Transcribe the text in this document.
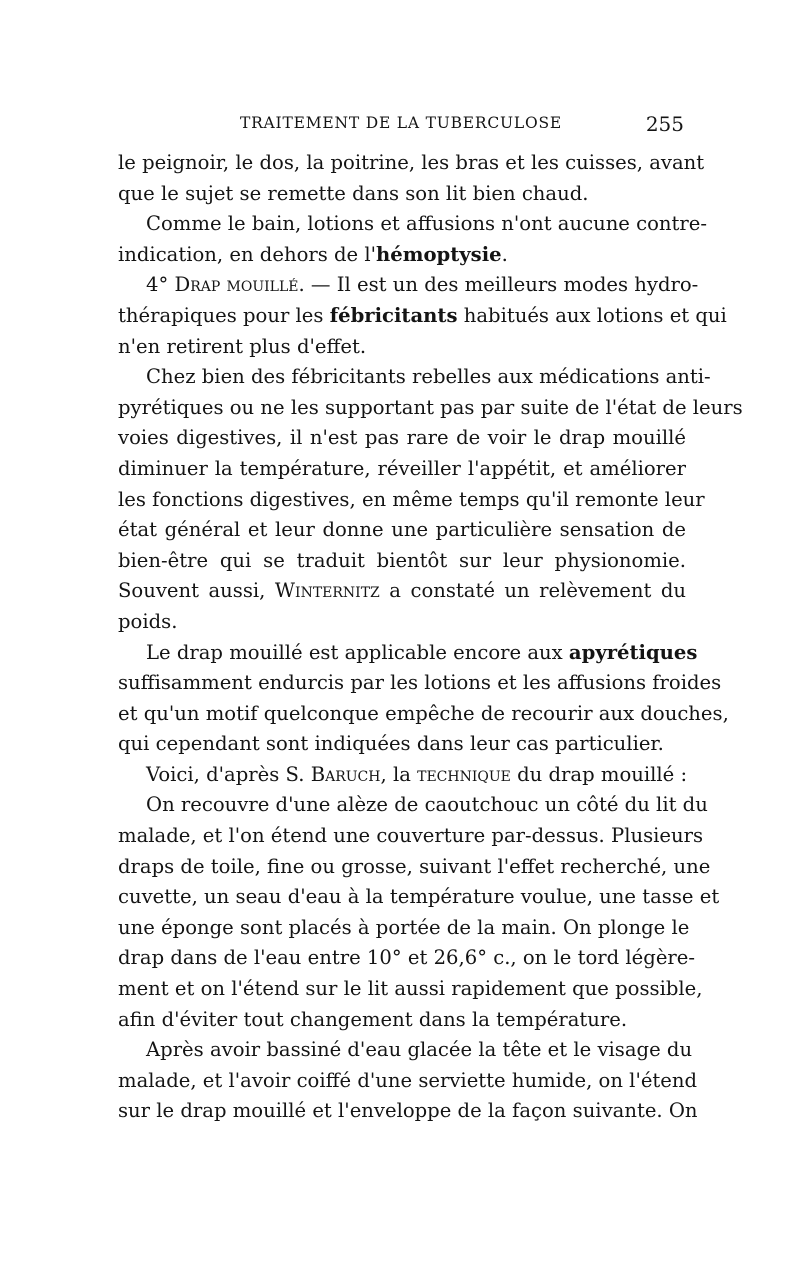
TRAITEMENT DE LA TUBERCULOSE	255
le peignoir, le dos, la poitrine, les bras et les cuisses, avant
que le sujet se remette dans son lit bien chaud.
Comme le bain, lotions et affusions n'ont aucune contre-
indication, en dehors de l'hémoptysie.
4° Drap mouillé. — Il est un des meilleurs modes hydro-
thérapiques pour les fébricitants habitués aux lotions et qui
n'en retirent plus d'effet.
Chez bien des fébricitants rebelles aux médications anti-
pyrétiques ou ne les supportant pas par suite de l'état de leurs
voies digestives, il n'est pas rare de voir le drap mouillé
diminuer la température, réveiller l'appétit, et améliorer
les fonctions digestives, en même temps qu'il remonte leur
état général et leur donne une particulière sensation de
bien-être qui se traduit bientôt sur leur physionomie.
Souvent aussi, Winternitz a constaté un relèvement du
poids.
Le drap mouillé est applicable encore aux apyrétiques
suffisamment endurcis par les lotions et les affusions froides
et qu'un motif quelconque empêche de recourir aux douches,
qui cependant sont indiquées dans leur cas particulier.
Voici, d'après S. Baruch, la technique du drap mouillé :
On recouvre d'une alèze de caoutchouc un côté du lit du
malade, et l'on étend une couverture par-dessus. Plusieurs
draps de toile, fine ou grosse, suivant l'effet recherché, une
cuvette, un seau d'eau à la température voulue, une tasse et
une éponge sont placés à portée de la main. On plonge le
drap dans de l'eau entre 10° et 26,6° c., on le tord légère-
ment et on l'étend sur le lit aussi rapidement que possible,
afin d'éviter tout changement dans la température.
Après avoir bassiné d'eau glacée la tête et le visage du
malade, et l'avoir coiffé d'une serviette humide, on l'étend
sur le drap mouillé et l'enveloppe de la façon suivante. On
